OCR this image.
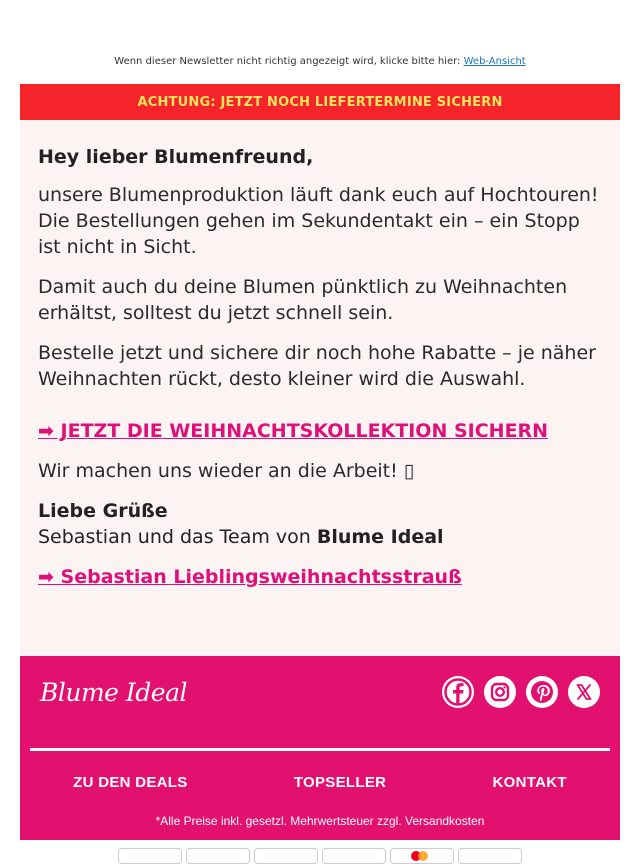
Wenn dieser Newsletter nicht richtig angezeigt wird, klicke bitte hier: Web-Ansicht
ACHTUNG: JETZT NOCH LIEFERTERMINE SICHERN

Hey lieber Blumenfreund,

unsere Blumenproduktion läuft dank euch auf Hochtouren! Die Bestellungen gehen im Sekundentakt ein – ein Stopp ist nicht in Sicht.

Damit auch du deine Blumen pünktlich zu Weihnachten erhältst, solltest du jetzt schnell sein.

Bestelle jetzt und sichere dir noch hohe Rabatte – je näher Weihnachten rückt, desto kleiner wird die Auswahl.

➡ JETZT DIE WEIHNACHTSKOLLEKTION SICHERN

Wir machen uns wieder an die Arbeit! ▯

Liebe Grüße

Sebastian und das Team von Blume Ideal

➡ Sebastian Lieblingsweihnachtsstrauß
Blume Ideal
ZU DEN DEALS	TOPSELLER	KONTAKT
*Alle Preise inkl. gesetzl. Mehrwertsteuer zzgl. Versandkosten
